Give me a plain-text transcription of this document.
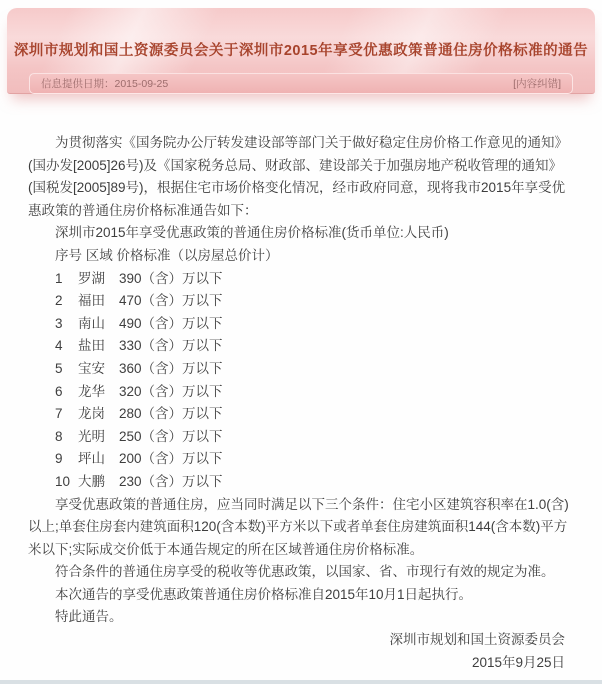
深圳市规划和国土资源委员会关于深圳市2015年享受优惠政策普通住房价格标准的通告
信息提供日期：2015-09-25	[内容纠错]

为贯彻落实《国务院办公厅转发建设部等部门关于做好稳定住房价格工作意见的通知》(国办发[2005]26号)及《国家税务总局、财政部、建设部关于加强房地产税收管理的通知》(国税发[2005]89号)，根据住宅市场价格变化情况，经市政府同意，现将我市2015年享受优惠政策的普通住房价格标准通告如下：

深圳市2015年享受优惠政策的普通住房价格标准(货币单位:人民币)

序号 区域 价格标准（以房屋总价计）

1 罗湖 390（含）万以下
2 福田 470（含）万以下
3 南山 490（含）万以下
4 盐田 330（含）万以下
5 宝安 360（含）万以下
6 龙华 320（含）万以下
7 龙岗 280（含）万以下
8 光明 250（含）万以下
9 坪山 200（含）万以下
10 大鹏 230（含）万以下

享受优惠政策的普通住房，应当同时满足以下三个条件：住宅小区建筑容积率在1.0(含)以上;单套住房套内建筑面积120(含本数)平方米以下或者单套住房建筑面积144(含本数)平方米以下;实际成交价低于本通告规定的所在区域普通住房价格标准。

符合条件的普通住房享受的税收等优惠政策，以国家、省、市现行有效的规定为准。

本次通告的享受优惠政策普通住房价格标准自2015年10月1日起执行。

特此通告。

深圳市规划和国土资源委员会

2015年9月25日
